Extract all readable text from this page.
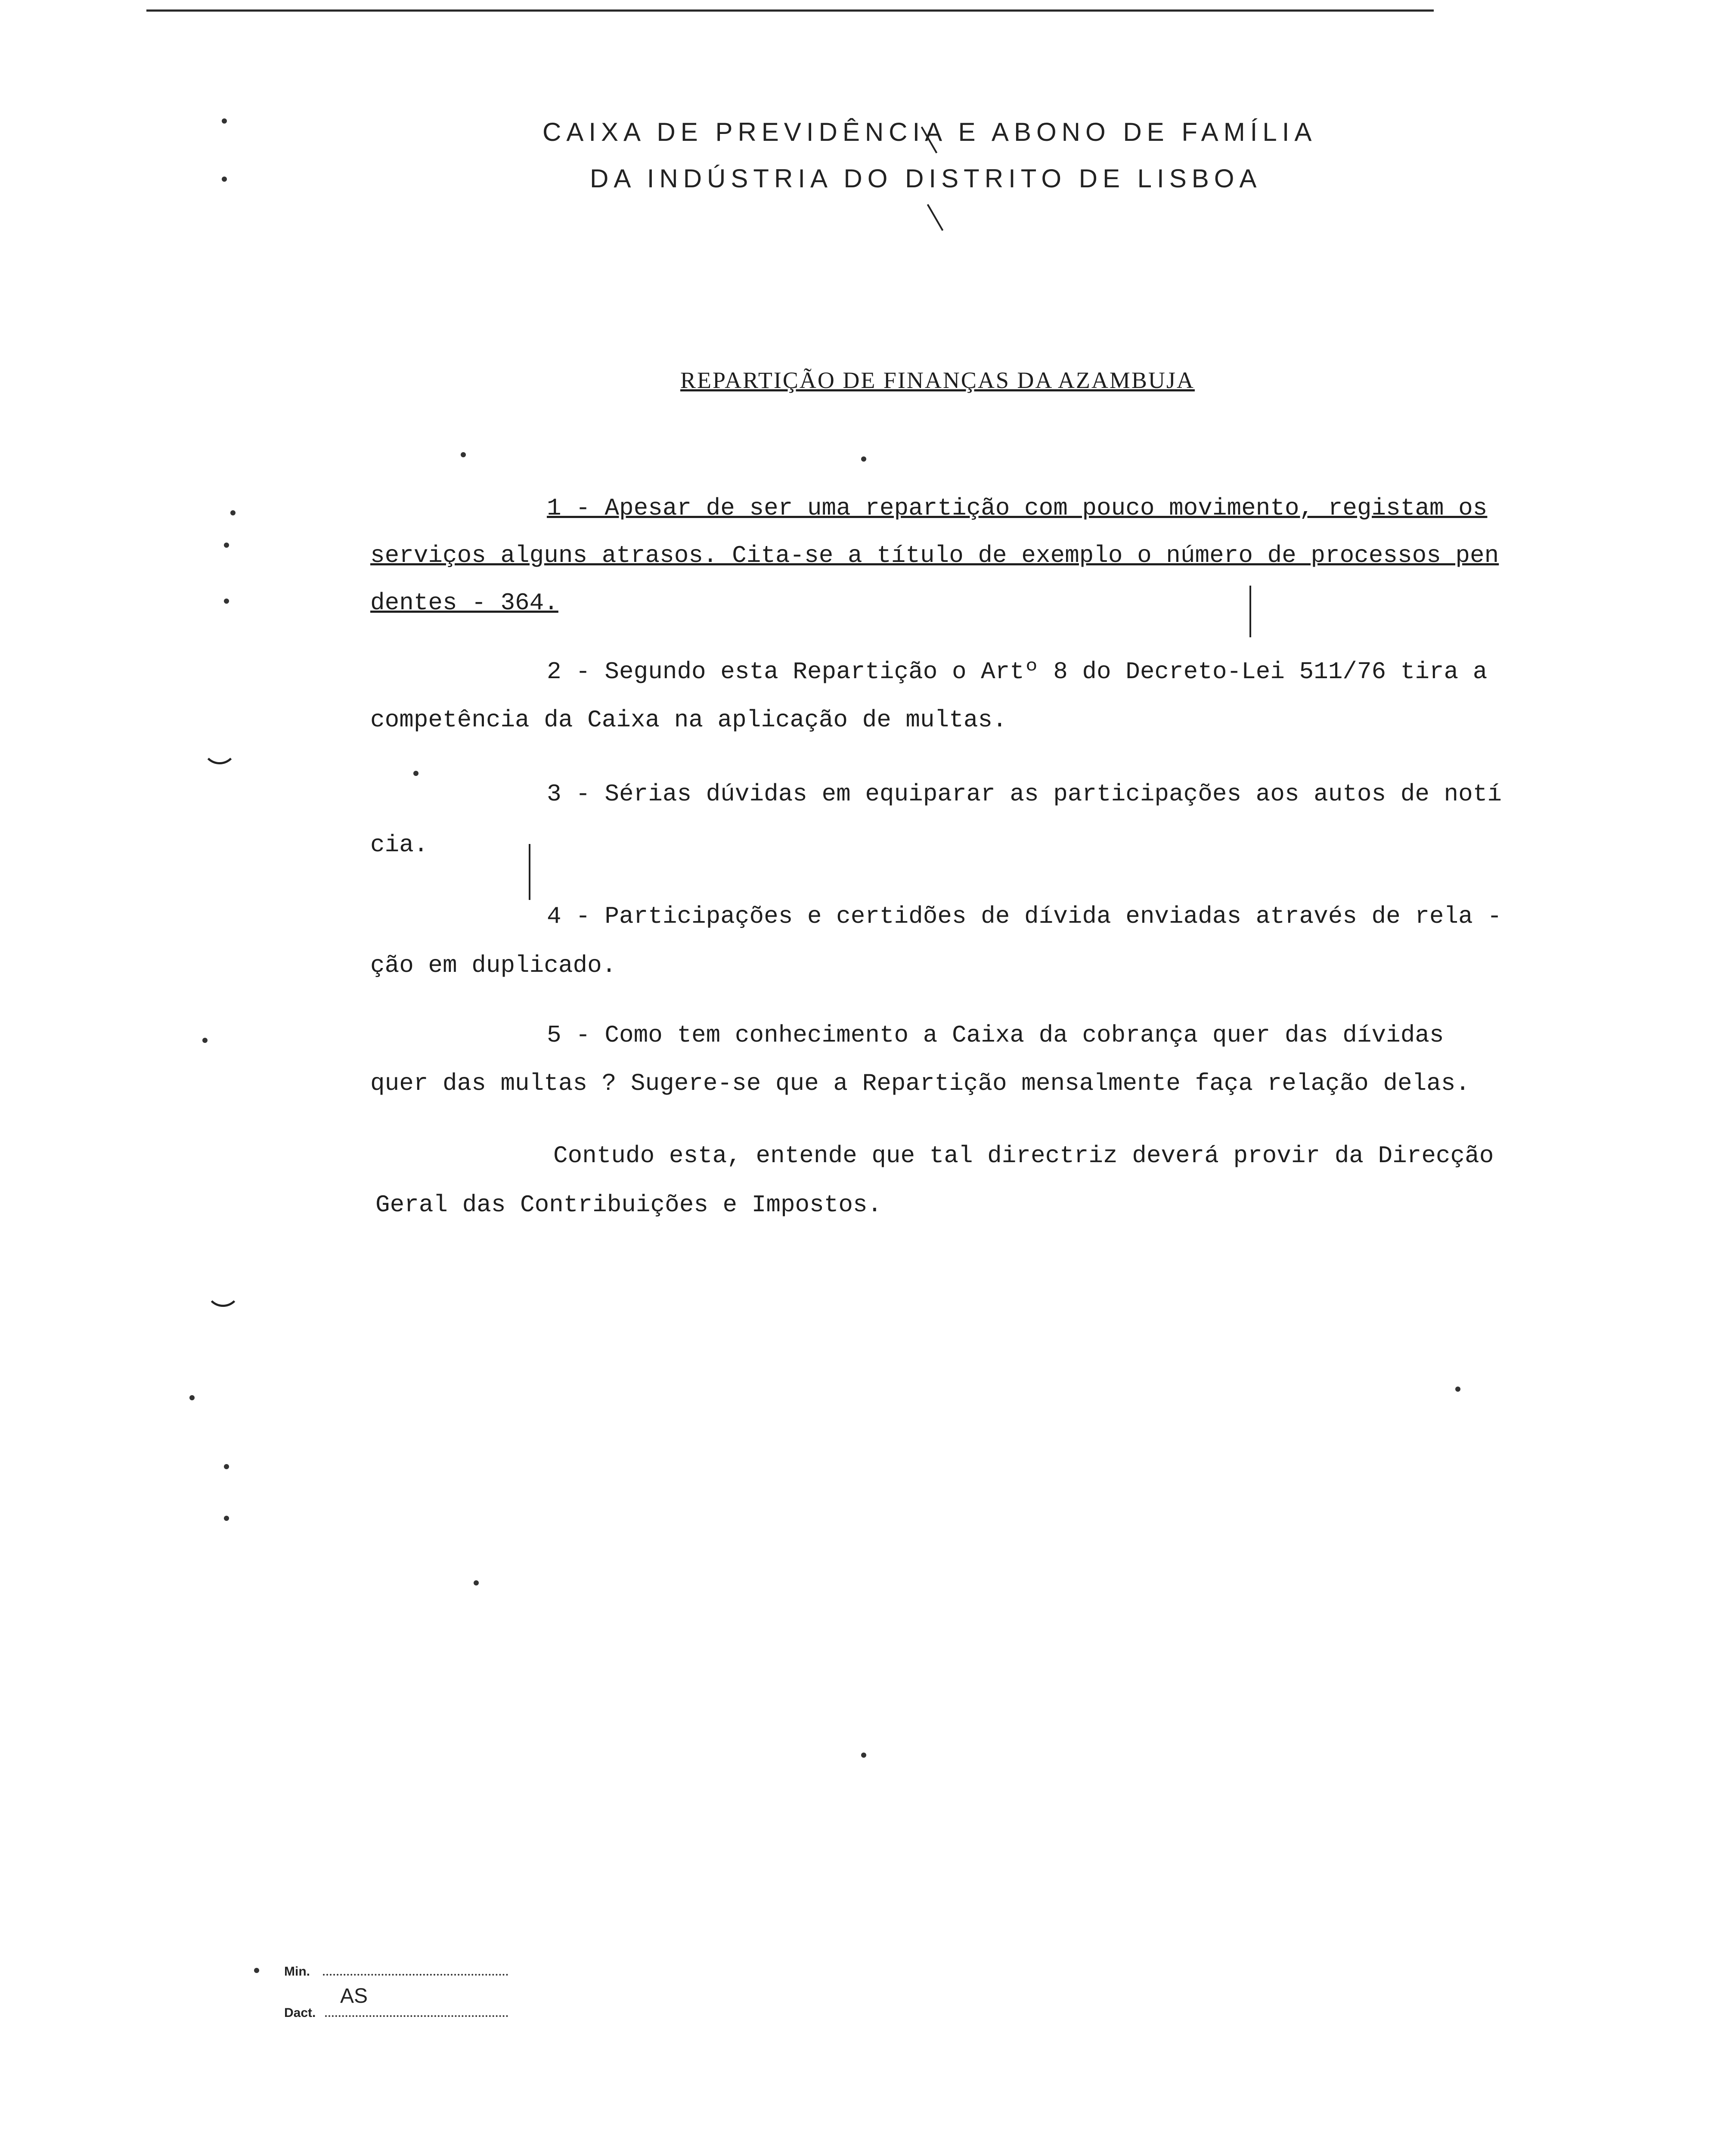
CAIXA DE PREVIDÊNCIA E ABONO DE FAMÍLIA
DA INDÚSTRIA DO DISTRITO DE LISBOA
REPARTIÇÃO DE FINANÇAS DA AZAMBUJA
1 - Apesar de ser uma repartição com pouco movimento, registam os
serviços alguns atrasos. Cita-se a título de exemplo o número de processos pen
dentes - 364.
2 - Segundo esta Repartição o Artº 8 do Decreto-Lei 511/76 tira a
competência da Caixa na aplicação de multas.
3 - Sérias dúvidas em equiparar as participações aos autos de notí
cia.
4 - Participações e certidões de dívida enviadas através de rela -
ção em duplicado.
5 - Como tem conhecimento a Caixa da cobrança quer das dívidas
quer das multas ? Sugere-se que a Repartição mensalmente faça relação delas.
Contudo esta, entende que tal directriz deverá provir da Direcção
Geral das Contribuições e Impostos.
Min.
Dact.
AS
